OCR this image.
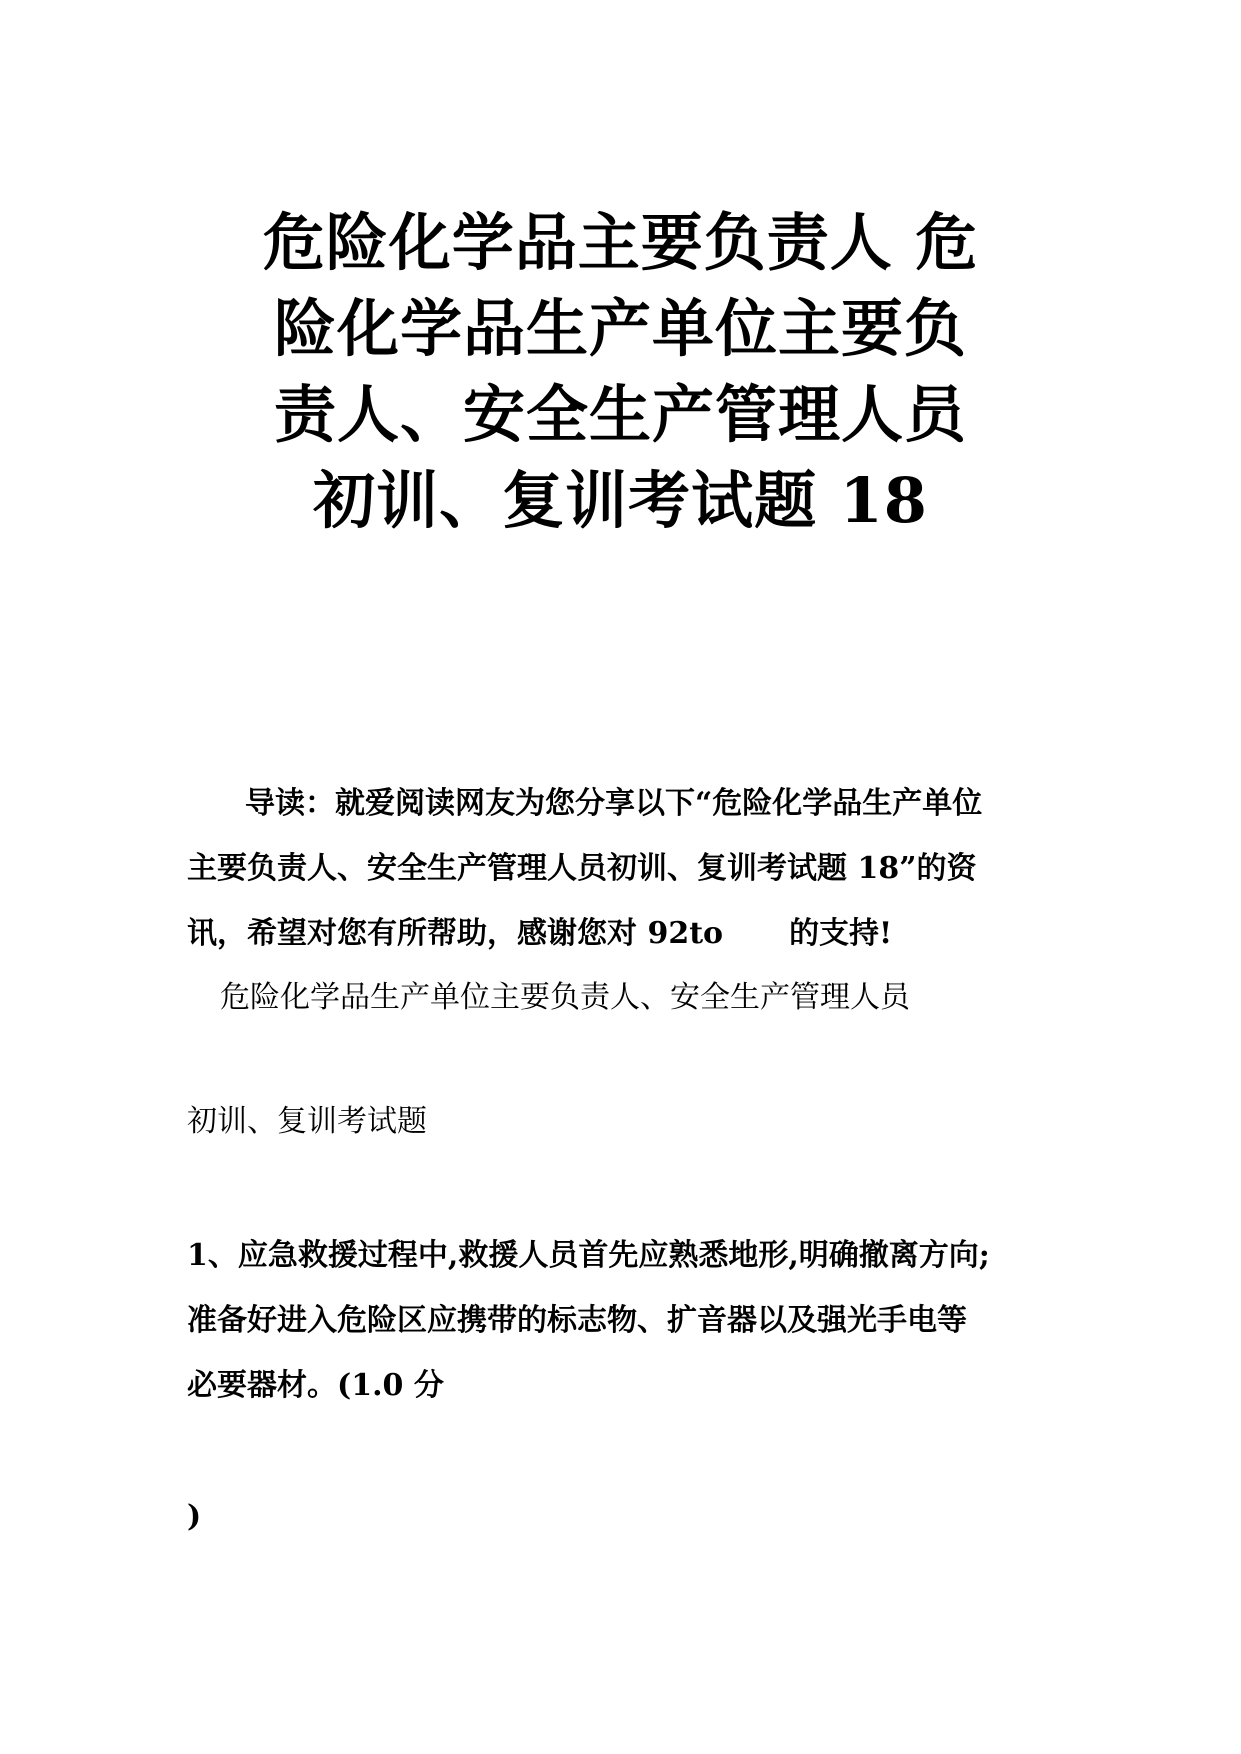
危险化学品主要负责人 危
险化学品生产单位主要负
责人、安全生产管理人员
初训、复训考试题 18

导读：就爱阅读网友为您分享以下“危险化学品生产单位

主要负责人、安全生产管理人员初训、复训考试题 18”的资

讯，希望对您有所帮助，感谢您对 92to 的支持!

危险化学品生产单位主要负责人、安全生产管理人员

初训、复训考试题

1、应急救援过程中,救援人员首先应熟悉地形,明确撤离方向;

准备好进入危险区应携带的标志物、扩音器以及强光手电等

必要器材。(1.0 分

)
